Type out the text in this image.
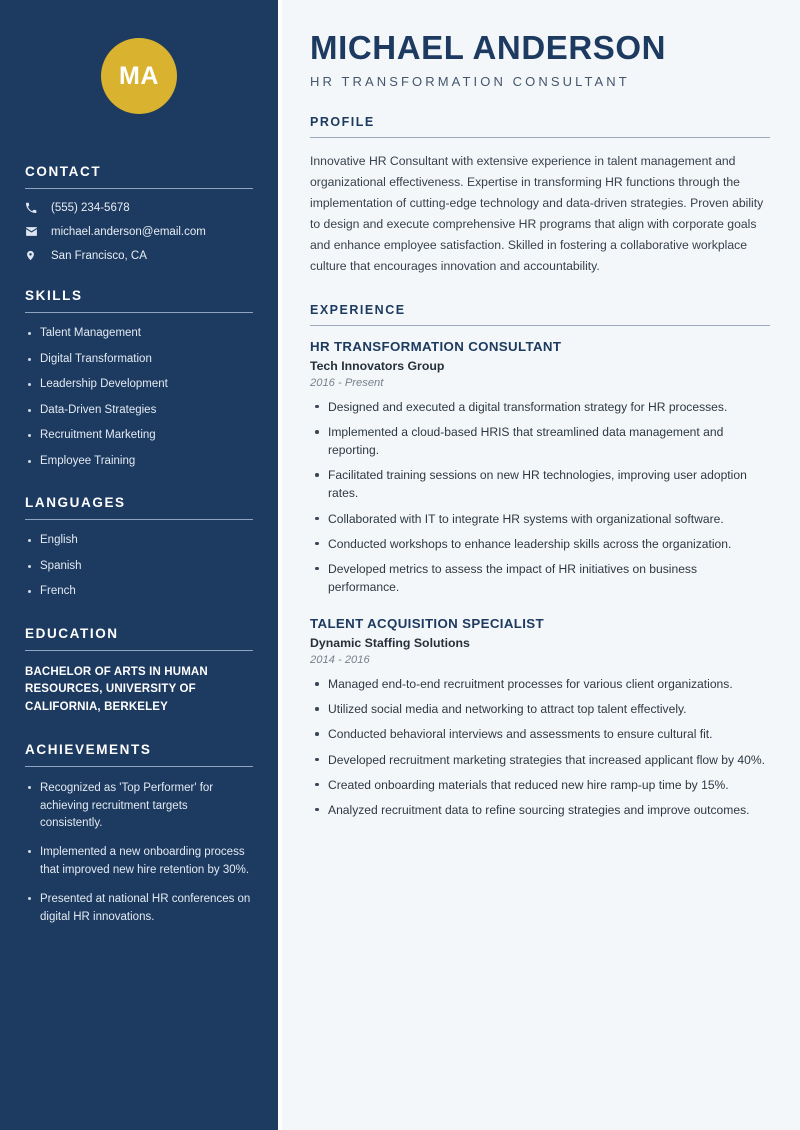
MA
CONTACT
(555) 234-5678
michael.anderson@email.com
San Francisco, CA
SKILLS
Talent Management
Digital Transformation
Leadership Development
Data-Driven Strategies
Recruitment Marketing
Employee Training
LANGUAGES
English
Spanish
French
EDUCATION
BACHELOR OF ARTS IN HUMAN RESOURCES, UNIVERSITY OF CALIFORNIA, BERKELEY
ACHIEVEMENTS
Recognized as 'Top Performer' for achieving recruitment targets consistently.
Implemented a new onboarding process that improved new hire retention by 30%.
Presented at national HR conferences on digital HR innovations.
MICHAEL ANDERSON
HR TRANSFORMATION CONSULTANT
PROFILE

Innovative HR Consultant with extensive experience in talent management and organizational effectiveness. Expertise in transforming HR functions through the implementation of cutting-edge technology and data-driven strategies. Proven ability to design and execute comprehensive HR programs that align with corporate goals and enhance employee satisfaction. Skilled in fostering a collaborative workplace culture that encourages innovation and accountability.

EXPERIENCE
HR TRANSFORMATION CONSULTANT

Tech Innovators Group

2016 - Present

Designed and executed a digital transformation strategy for HR processes.
Implemented a cloud-based HRIS that streamlined data management and reporting.
Facilitated training sessions on new HR technologies, improving user adoption rates.
Collaborated with IT to integrate HR systems with organizational software.
Conducted workshops to enhance leadership skills across the organization.
Developed metrics to assess the impact of HR initiatives on business performance.
TALENT ACQUISITION SPECIALIST

Dynamic Staffing Solutions

2014 - 2016

Managed end-to-end recruitment processes for various client organizations.
Utilized social media and networking to attract top talent effectively.
Conducted behavioral interviews and assessments to ensure cultural fit.
Developed recruitment marketing strategies that increased applicant flow by 40%.
Created onboarding materials that reduced new hire ramp-up time by 15%.
Analyzed recruitment data to refine sourcing strategies and improve outcomes.
